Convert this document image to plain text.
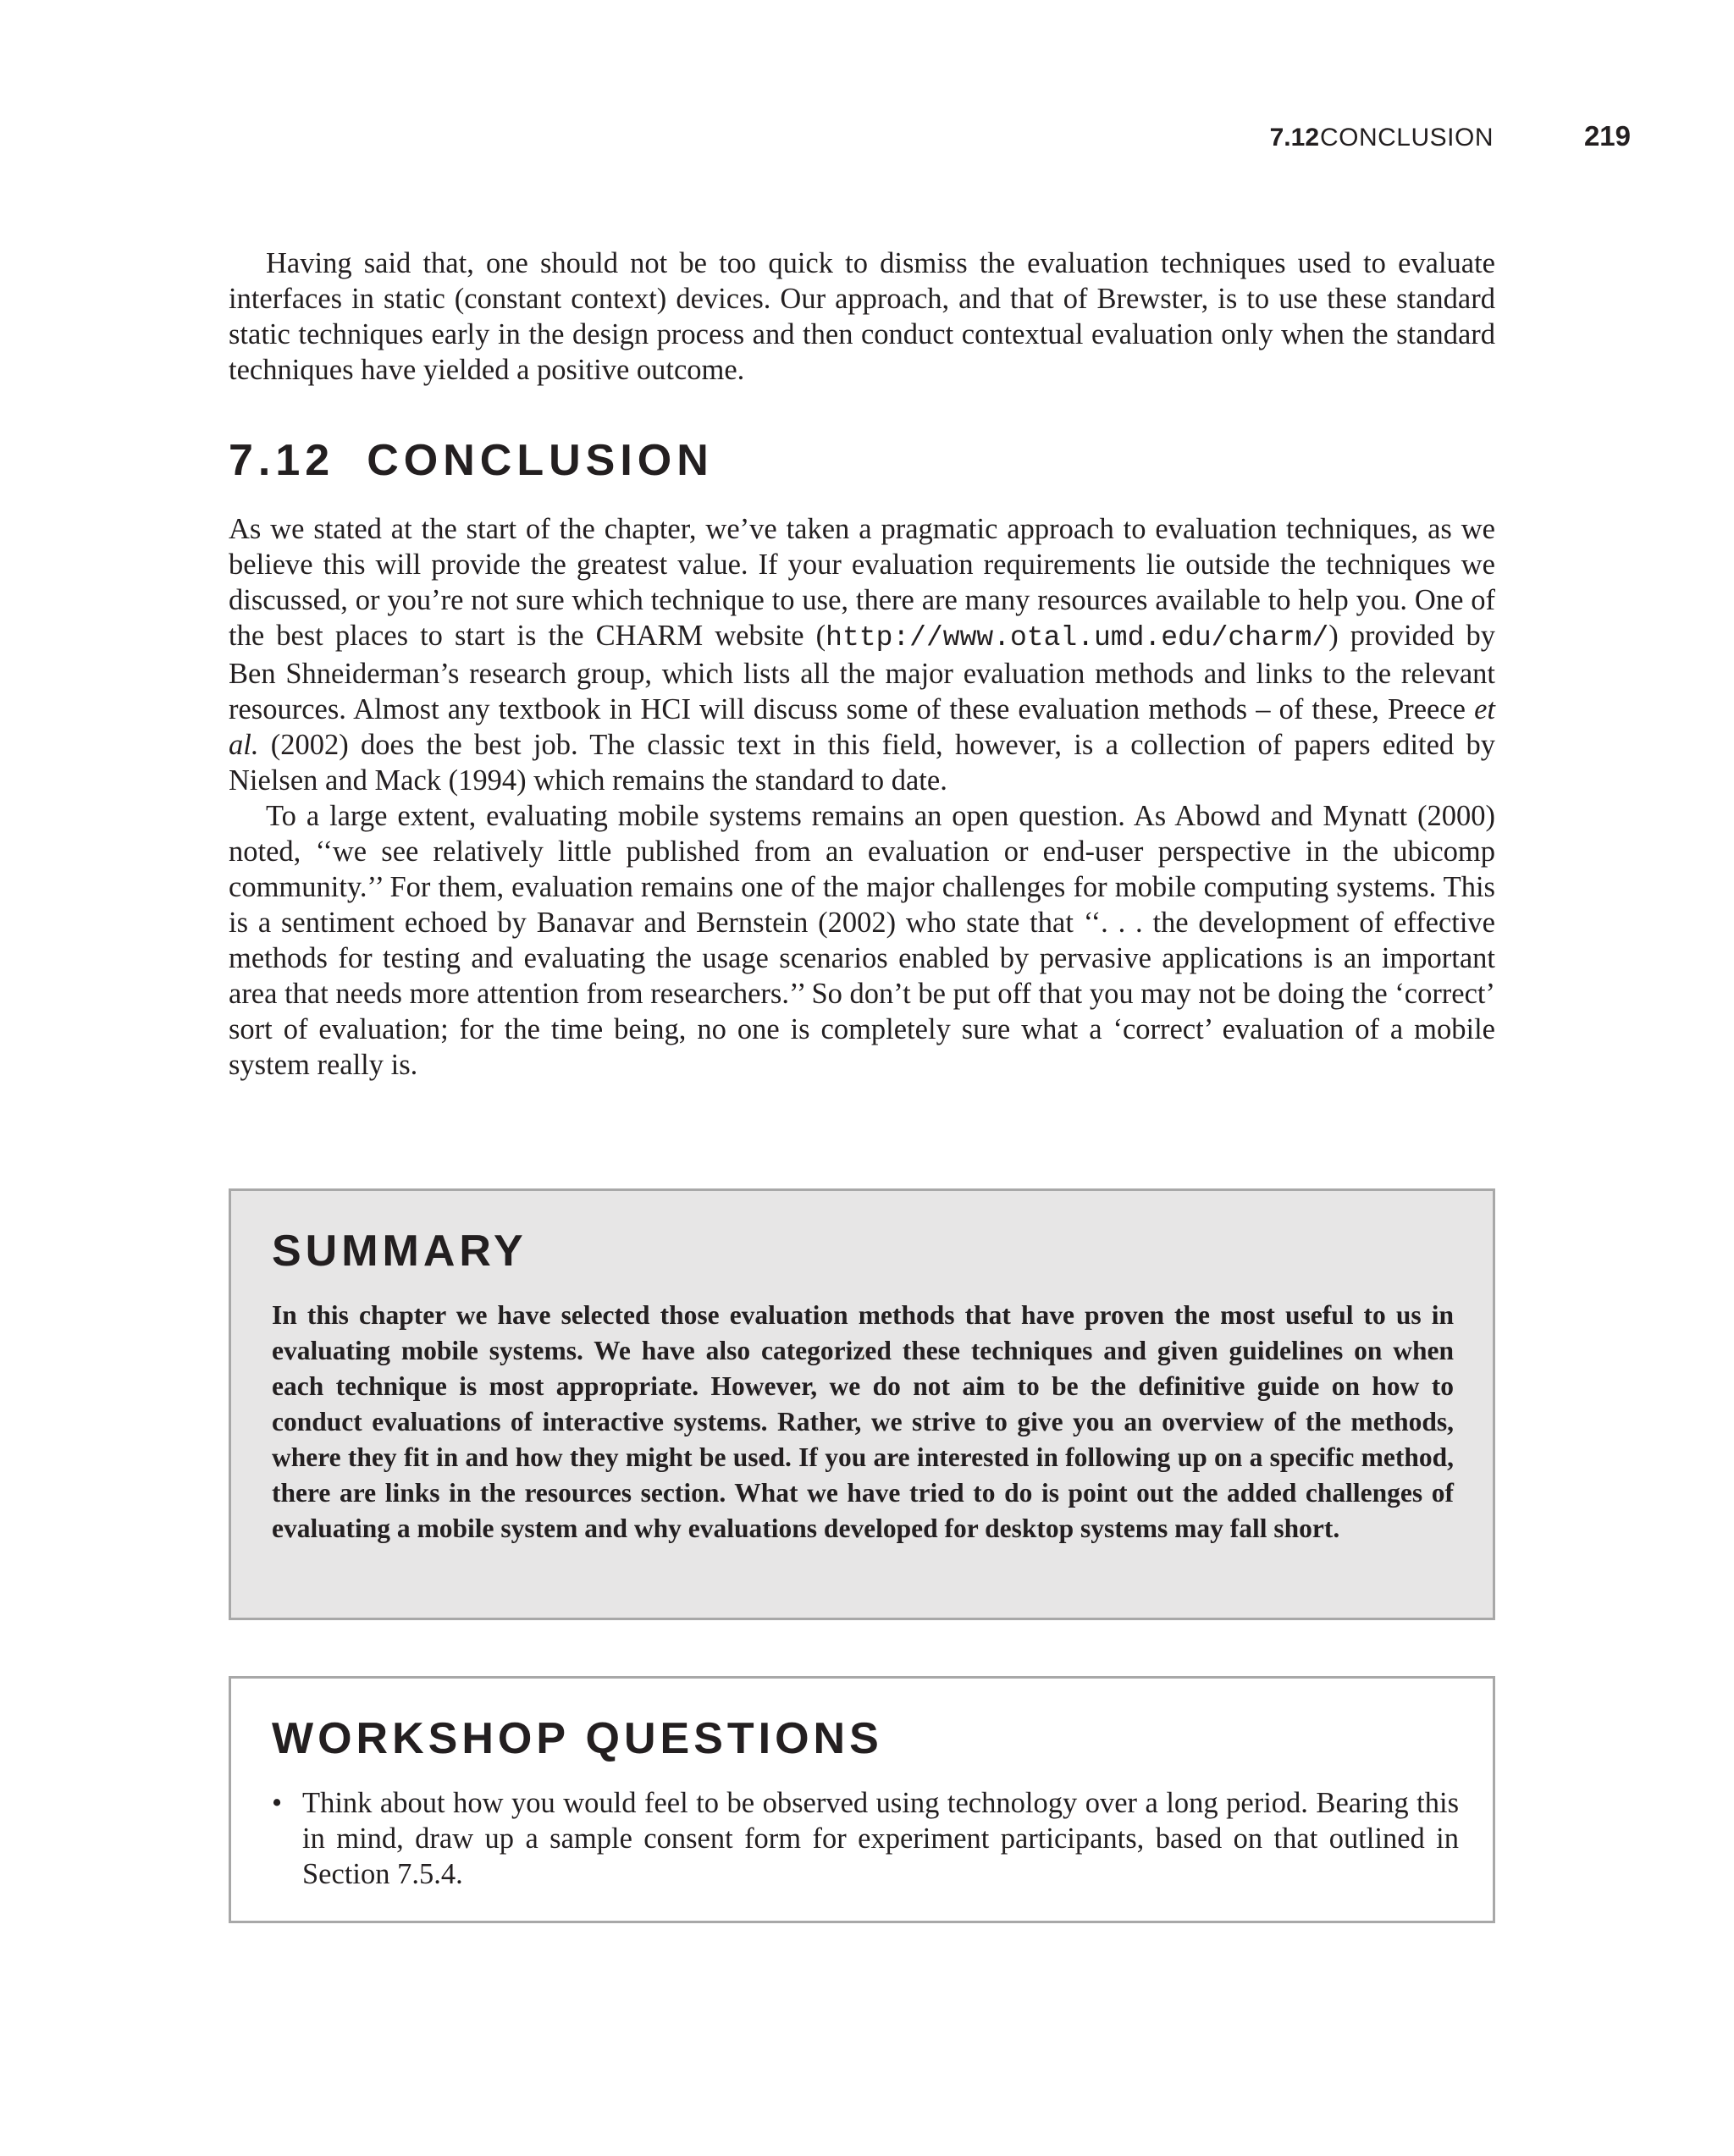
7.12 CONCLUSION	219

Having said that, one should not be too quick to dismiss the evaluation techniques used to evaluate interfaces in static (constant context) devices. Our approach, and that of Brewster, is to use these standard static techniques early in the design process and then conduct contextual evaluation only when the standard techniques have yielded a positive outcome.

7.12 CONCLUSION

As we stated at the start of the chapter, we’ve taken a pragmatic approach to evaluation techniques, as we believe this will provide the greatest value. If your evaluation requirements lie outside the techniques we discussed, or you’re not sure which technique to use, there are many resources available to help you. One of the best places to start is the CHARM website (http://www.otal.umd.edu/charm/) provided by Ben Shneiderman’s research group, which lists all the major evaluation methods and links to the relevant resources. Almost any textbook in HCI will discuss some of these evaluation methods – of these, Preece et al. (2002) does the best job. The classic text in this field, however, is a collection of papers edited by Nielsen and Mack (1994) which remains the standard to date.

To a large extent, evaluating mobile systems remains an open question. As Abowd and Mynatt (2000) noted, ‘‘we see relatively little published from an evaluation or end-user perspective in the ubicomp community.’’ For them, evaluation remains one of the major challenges for mobile computing systems. This is a sentiment echoed by Banavar and Bernstein (2002) who state that ‘‘. . . the development of effective methods for testing and evaluating the usage scenarios enabled by pervasive applications is an important area that needs more attention from researchers.’’ So don’t be put off that you may not be doing the ‘correct’ sort of evaluation; for the time being, no one is completely sure what a ‘correct’ evaluation of a mobile system really is.

SUMMARY

In this chapter we have selected those evaluation methods that have proven the most useful to us in evaluating mobile systems. We have also categorized these techniques and given guidelines on when each technique is most appropriate. However, we do not aim to be the definitive guide on how to conduct evaluations of interactive systems. Rather, we strive to give you an overview of the methods, where they fit in and how they might be used. If you are interested in following up on a specific method, there are links in the resources section. What we have tried to do is point out the added challenges of evaluating a mobile system and why evaluations developed for desktop systems may fall short.

WORKSHOP QUESTIONS
• Think about how you would feel to be observed using technology over a long period. Bearing this in mind, draw up a sample consent form for experiment participants, based on that outlined in Section 7.5.4.
